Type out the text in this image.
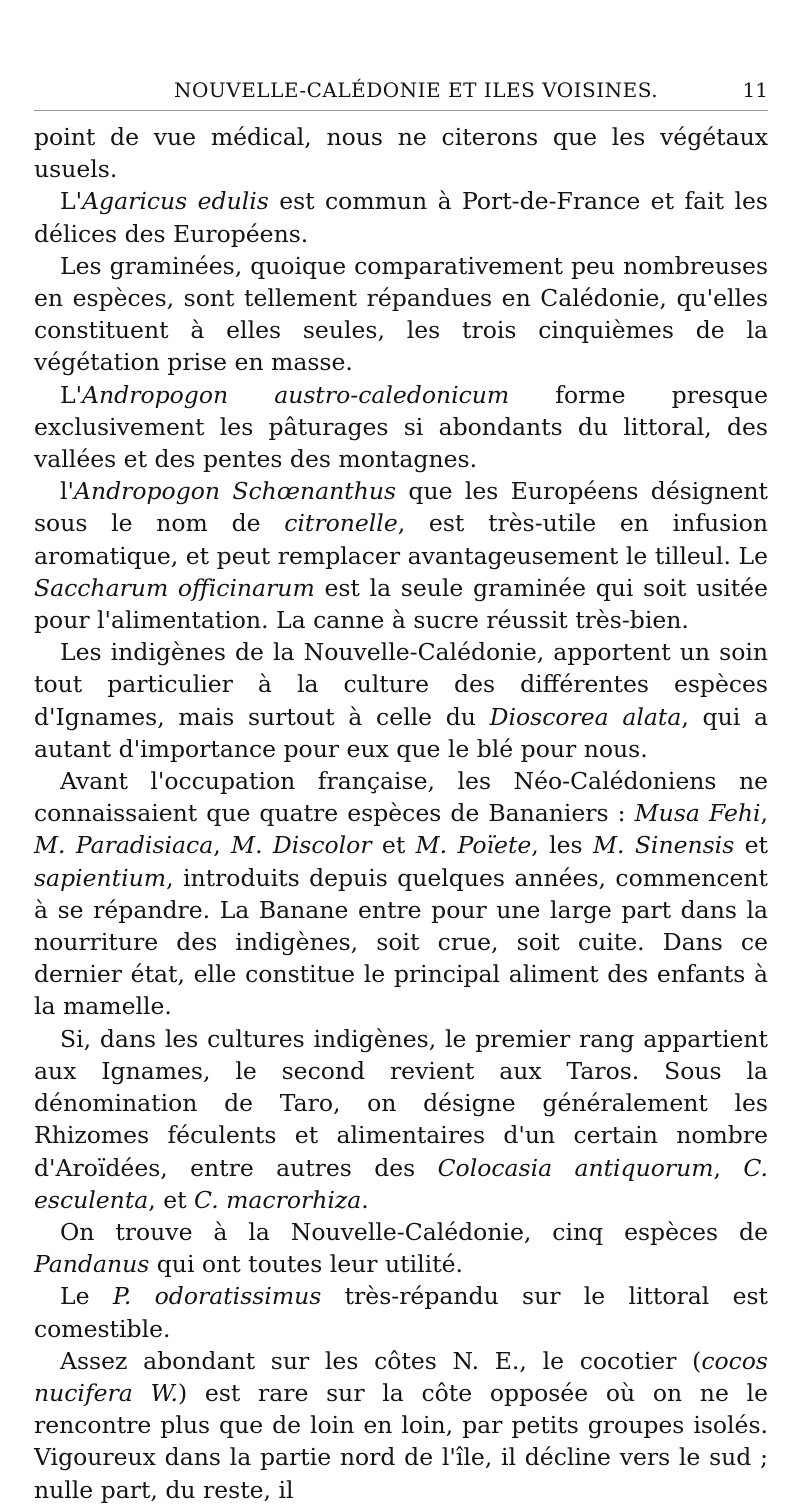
NOUVELLE-CALÉDONIE ET ILES VOISINES.	11

point de vue médical, nous ne citerons que les végétaux usuels.

L'Agaricus edulis est commun à Port-de-France et fait les délices des Européens.

Les graminées, quoique comparativement peu nombreuses en espèces, sont tellement répandues en Calédonie, qu'elles constituent à elles seules, les trois cinquièmes de la végétation prise en masse.

L'Andropogon austro-caledonicum forme presque exclusivement les pâturages si abondants du littoral, des vallées et des pentes des montagnes.

l'Andropogon Schœnanthus que les Européens désignent sous le nom de citronelle, est très-utile en infusion aromatique, et peut remplacer avantageusement le tilleul. Le Saccharum officinarum est la seule graminée qui soit usitée pour l'alimentation. La canne à sucre réussit très-bien.

Les indigènes de la Nouvelle-Calédonie, apportent un soin tout particulier à la culture des différentes espèces d'Ignames, mais surtout à celle du Dioscorea alata, qui a autant d'importance pour eux que le blé pour nous.

Avant l'occupation française, les Néo-Calédoniens ne connaissaient que quatre espèces de Bananiers : Musa Fehi, M. Paradisiaca, M. Discolor et M. Poïete, les M. Sinensis et sapientium, introduits depuis quelques années, commencent à se répandre. La Banane entre pour une large part dans la nourriture des indigènes, soit crue, soit cuite. Dans ce dernier état, elle constitue le principal aliment des enfants à la mamelle.

Si, dans les cultures indigènes, le premier rang appartient aux Ignames, le second revient aux Taros. Sous la dénomination de Taro, on désigne généralement les Rhizomes féculents et alimentaires d'un certain nombre d'Aroïdées, entre autres des Colocasia antiquorum, C. esculenta, et C. macrorhiza.

On trouve à la Nouvelle-Calédonie, cinq espèces de Pandanus qui ont toutes leur utilité.

Le P. odoratissimus très-répandu sur le littoral est comestible.

Assez abondant sur les côtes N. E., le cocotier (cocos nucifera W.) est rare sur la côte opposée où on ne le rencontre plus que de loin en loin, par petits groupes isolés. Vigoureux dans la partie nord de l'île, il décline vers le sud ; nulle part, du reste, il
